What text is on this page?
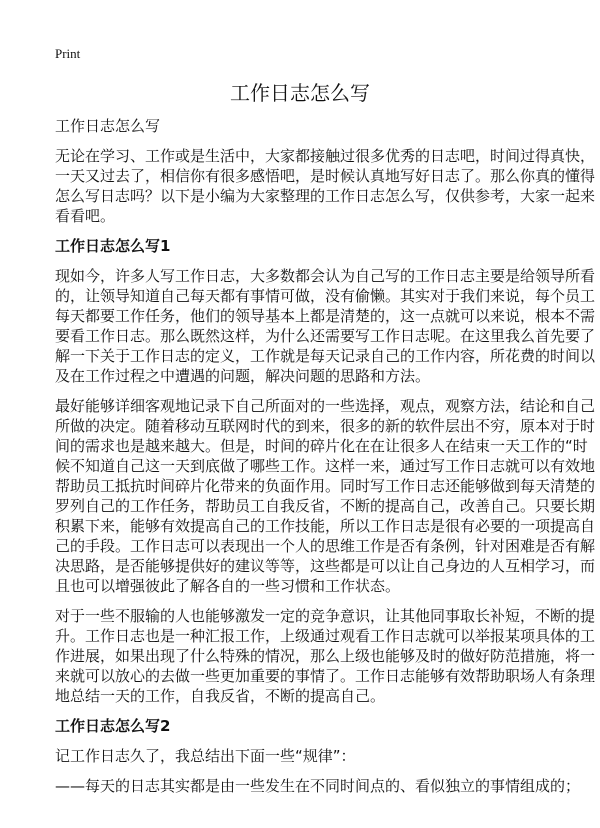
Print
工作日志怎么写
工作日志怎么写
无论在学习、工作或是生活中，大家都接触过很多优秀的日志吧，时间过得真快，
一天又过去了，相信你有很多感悟吧，是时候认真地写好日志了。那么你真的懂得
怎么写日志吗？以下是小编为大家整理的工作日志怎么写，仅供参考，大家一起来
看看吧。
工作日志怎么写1
现如今，许多人写工作日志，大多数都会认为自己写的工作日志主要是给领导所看
的，让领导知道自己每天都有事情可做，没有偷懒。其实对于我们来说，每个员工
每天都要工作任务，他们的领导基本上都是清楚的，这一点就可以来说，根本不需
要看工作日志。那么既然这样，为什么还需要写工作日志呢。在这里我么首先要了
解一下关于工作日志的定义，工作就是每天记录自己的工作内容，所花费的时间以
及在工作过程之中遭遇的问题，解决问题的思路和方法。
最好能够详细客观地记录下自己所面对的一些选择，观点，观察方法，结论和自己
所做的决定。随着移动互联网时代的到来，很多的新的软件层出不穷，原本对于时
间的需求也是越来越大。但是，时间的碎片化在在让很多人在结束一天工作的“时
候不知道自己这一天到底做了哪些工作。这样一来，通过写工作日志就可以有效地
帮助员工抵抗时间碎片化带来的负面作用。同时写工作日志还能够做到每天清楚的
罗列自己的工作任务，帮助员工自我反省，不断的提高自己，改善自己。只要长期
积累下来，能够有效提高自己的工作技能，所以工作日志是很有必要的一项提高自
己的手段。工作日志可以表现出一个人的思维工作是否有条例，针对困难是否有解
决思路，是否能够提供好的建议等等，这些都是可以让自己身边的人互相学习，而
且也可以增强彼此了解各自的一些习惯和工作状态。
对于一些不服输的人也能够激发一定的竞争意识，让其他同事取长补短，不断的提
升。工作日志也是一种汇报工作，上级通过观看工作日志就可以举报某项具体的工
作进展，如果出现了什么特殊的情况，那么上级也能够及时的做好防范措施，将一
来就可以放心的去做一些更加重要的事情了。工作日志能够有效帮助职场人有条理
地总结一天的工作，自我反省，不断的提高自己。
工作日志怎么写2
记工作日志久了，我总结出下面一些“规律”：
——每天的日志其实都是由一些发生在不同时间点的、看似独立的事情组成的；
